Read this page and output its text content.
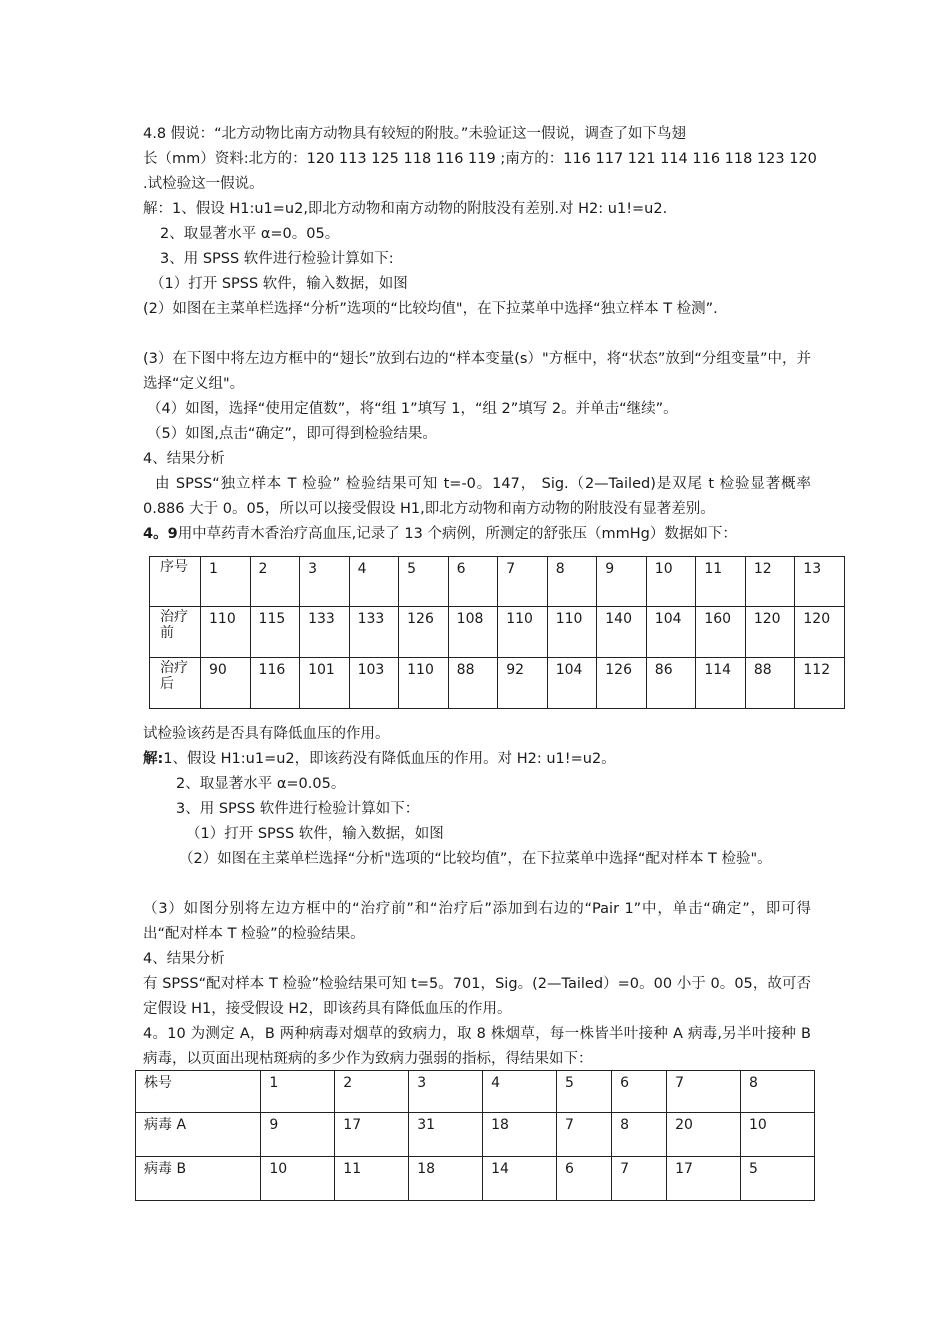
4.8 假说：“北方动物比南方动物具有较短的附肢。”未验证这一假说，调查了如下鸟翅
长（mm）资料:北方的：120 113 125 118 116 119 ;南方的：116 117 121 114 116 118 123 120
.试检验这一假说。
解：1、假设 H1:u1=u2,即北方动物和南方动物的附肢没有差别.对 H2: u1!=u2.
2、取显著水平 α=0。05。
3、用 SPSS 软件进行检验计算如下:
（1）打开 SPSS 软件，输入数据，如图
(2）如图在主菜单栏选择“分析”选项的“比较均值"，在下拉菜单中选择“独立样本 T 检测”.
(3）在下图中将左边方框中的“翅长”放到右边的“样本变量(s）"方框中，将“状态”放到“分组变量”中，并选择“定义组"。
（4）如图，选择“使用定值数”，将“组 1”填写 1，“组 2”填写 2。并单击“继续”。
（5）如图,点击“确定”，即可得到检验结果。
4、结果分析
由 SPSS“独立样本 T 检验” 检验结果可知 t=-0。147， Sig.（2—Tailed)是双尾 t 检验显著概率 0.886 大于 0。05，所以可以接受假设 H1,即北方动物和南方动物的附肢没有显著差别。
4。9用中草药青木香治疗高血压,记录了 13 个病例，所测定的舒张压（mmHg）数据如下：
序号	1	2	3	4	5	6	7	8	9	10	11	12	13
治疗前	110	115	133	133	126	108	110	110	140	104	160	120	120
治疗后	90	116	101	103	110	88	92	104	126	86	114	88	112
试检验该药是否具有降低血压的作用。
解:1、假设 H1:u1=u2，即该药没有降低血压的作用。对 H2: u1!=u2。
2、取显著水平 α=0.05。
3、用 SPSS 软件进行检验计算如下：
（1）打开 SPSS 软件，输入数据，如图
（2）如图在主菜单栏选择“分析"选项的“比较均值”，在下拉菜单中选择“配对样本 T 检验"。
（3）如图分别将左边方框中的“治疗前”和“治疗后”添加到右边的“Pair 1”中，单击“确定”，即可得出“配对样本 T 检验”的检验结果。
4、结果分析
有 SPSS“配对样本 T 检验”检验结果可知 t=5。701，Sig。(2—Tailed）=0。00 小于 0。05，故可否定假设 H1，接受假设 H2，即该药具有降低血压的作用。
4。10 为测定 A，B 两种病毒对烟草的致病力，取 8 株烟草，每一株皆半叶接种 A 病毒,另半叶接种 B 病毒，以页面出现枯斑病的多少作为致病力强弱的指标，得结果如下：
株号	1	2	3	4	5	6	7	8
病毒 A	9	17	31	18	7	8	20	10
病毒 B	10	11	18	14	6	7	17	5
